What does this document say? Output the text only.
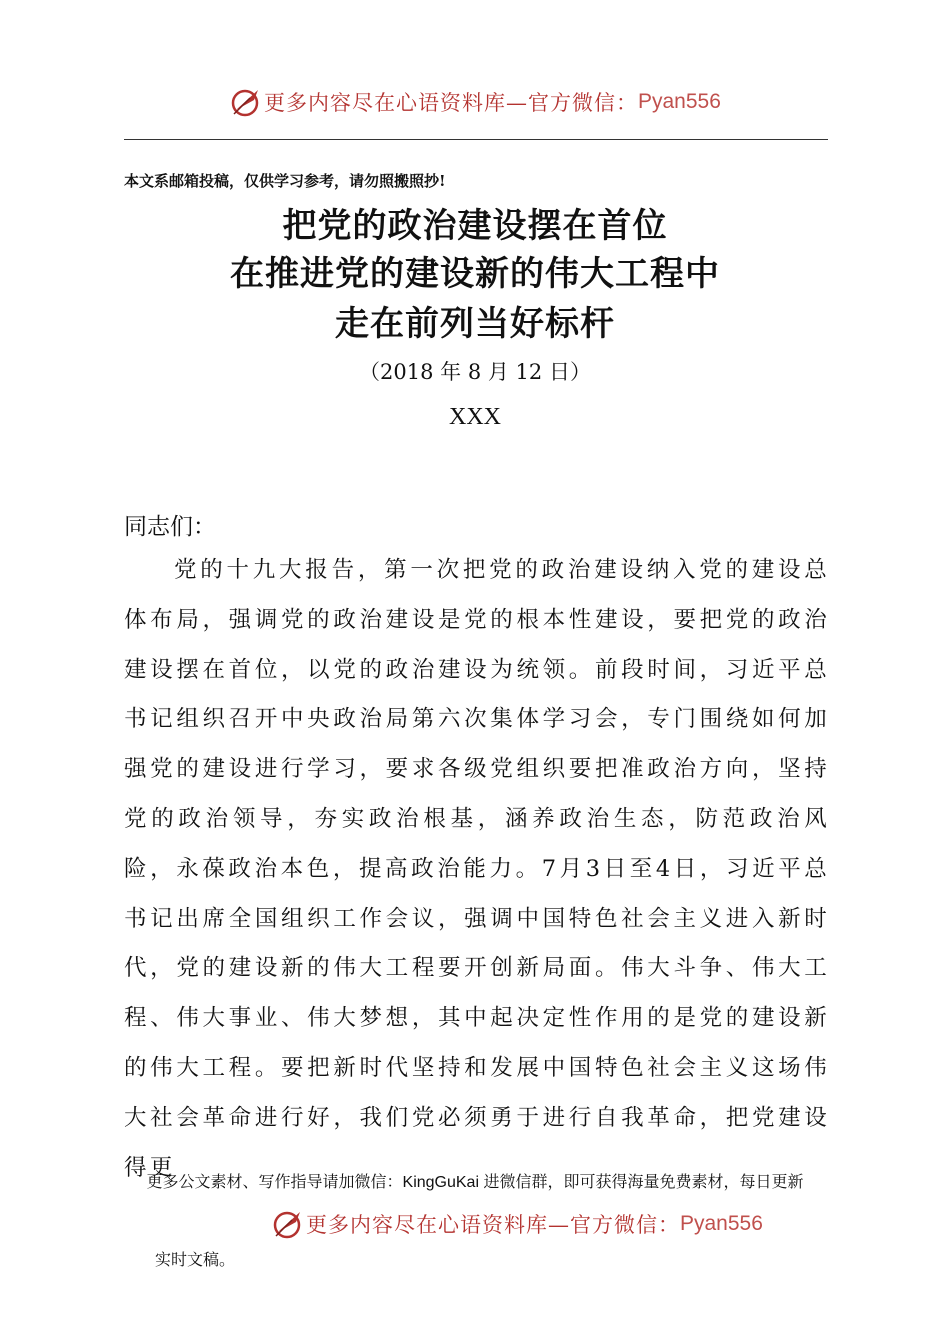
更多内容尽在心语资料库—官方微信： Pyan556
本文系邮箱投稿，仅供学习参考，请勿照搬照抄!
把党的政治建设摆在首位
在推进党的建设新的伟大工程中
走在前列当好标杆
（2018 年 8 月 12 日）
XXX
同志们：
党的十九大报告，第一次把党的政治建设纳入党的建设总体布局，强调党的政治建设是党的根本性建设，要把党的政治建设摆在首位，以党的政治建设为统领。前段时间，习近平总书记组织召开中央政治局第六次集体学习会，专门围绕如何加强党的建设进行学习，要求各级党组织要把准政治方向，坚持党的政治领导，夯实政治根基，涵养政治生态，防范政治风险，永葆政治本色，提高政治能力。7月3日至4日，习近平总书记出席全国组织工作会议，强调中国特色社会主义进入新时代，党的建设新的伟大工程要开创新局面。伟大斗争、伟大工程、伟大事业、伟大梦想，其中起决定性作用的是党的建设新的伟大工程。要把新时代坚持和发展中国特色社会主义这场伟大社会革命进行好，我们党必须勇于进行自我革命，把党建设得更
更多公文素材、写作指导请加微信：KingGuKai 进微信群，即可获得海量免费素材，每日更新
更多内容尽在心语资料库—官方微信： Pyan556
实时文稿。
